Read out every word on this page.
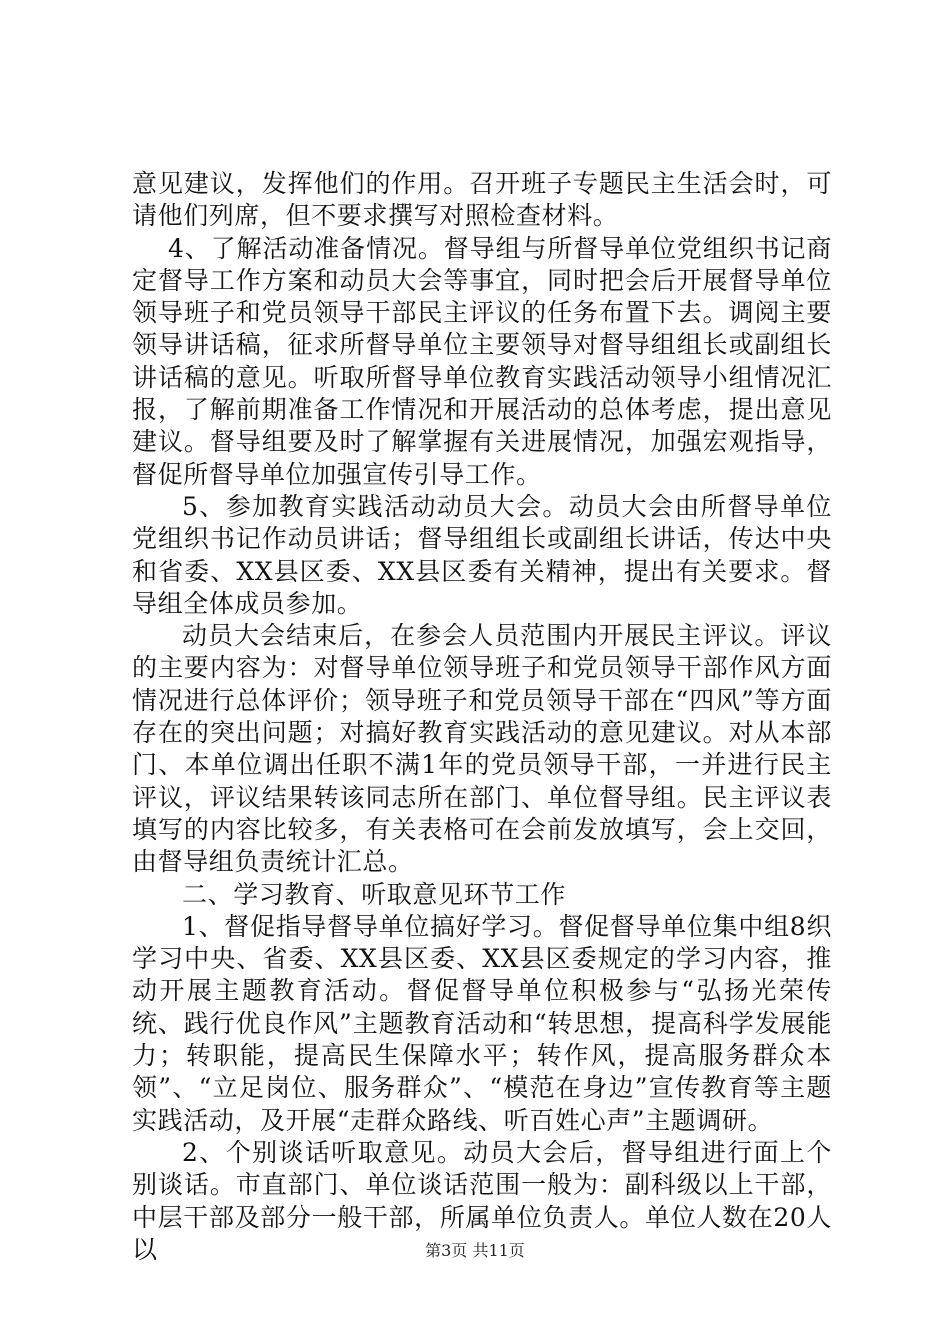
意见建议，发挥他们的作用。召开班子专题民主生活会时，可请他们列席，但不要求撰写对照检查材料。

4、了解活动准备情况。督导组与所督导单位党组织书记商定督导工作方案和动员大会等事宜，同时把会后开展督导单位领导班子和党员领导干部民主评议的任务布置下去。调阅主要领导讲话稿，征求所督导单位主要领导对督导组组长或副组长讲话稿的意见。听取所督导单位教育实践活动领导小组情况汇报，了解前期准备工作情况和开展活动的总体考虑，提出意见建议。督导组要及时了解掌握有关进展情况，加强宏观指导，督促所督导单位加强宣传引导工作。

5、参加教育实践活动动员大会。动员大会由所督导单位党组织书记作动员讲话；督导组组长或副组长讲话，传达中央和省委、XX县区委、XX县区委有关精神，提出有关要求。督导组全体成员参加。

动员大会结束后，在参会人员范围内开展民主评议。评议的主要内容为：对督导单位领导班子和党员领导干部作风方面情况进行总体评价；领导班子和党员领导干部在“四风”等方面存在的突出问题；对搞好教育实践活动的意见建议。对从本部门、本单位调出任职不满1年的党员领导干部，一并进行民主评议，评议结果转该同志所在部门、单位督导组。民主评议表填写的内容比较多，有关表格可在会前发放填写，会上交回，由督导组负责统计汇总。

二、学习教育、听取意见环节工作

1、督促指导督导单位搞好学习。督促督导单位集中组8织学习中央、省委、XX县区委、XX县区委规定的学习内容，推动开展主题教育活动。督促督导单位积极参与“弘扬光荣传统、践行优良作风”主题教育活动和“转思想，提高科学发展能力；转职能，提高民生保障水平；转作风，提高服务群众本领”、“立足岗位、服务群众”、“模范在身边”宣传教育等主题实践活动，及开展“走群众路线、听百姓心声”主题调研。

2、个别谈话听取意见。动员大会后，督导组进行面上个别谈话。市直部门、单位谈话范围一般为：副科级以上干部，中层干部及部分一般干部，所属单位负责人。单位人数在20人以	第3页 共11页
